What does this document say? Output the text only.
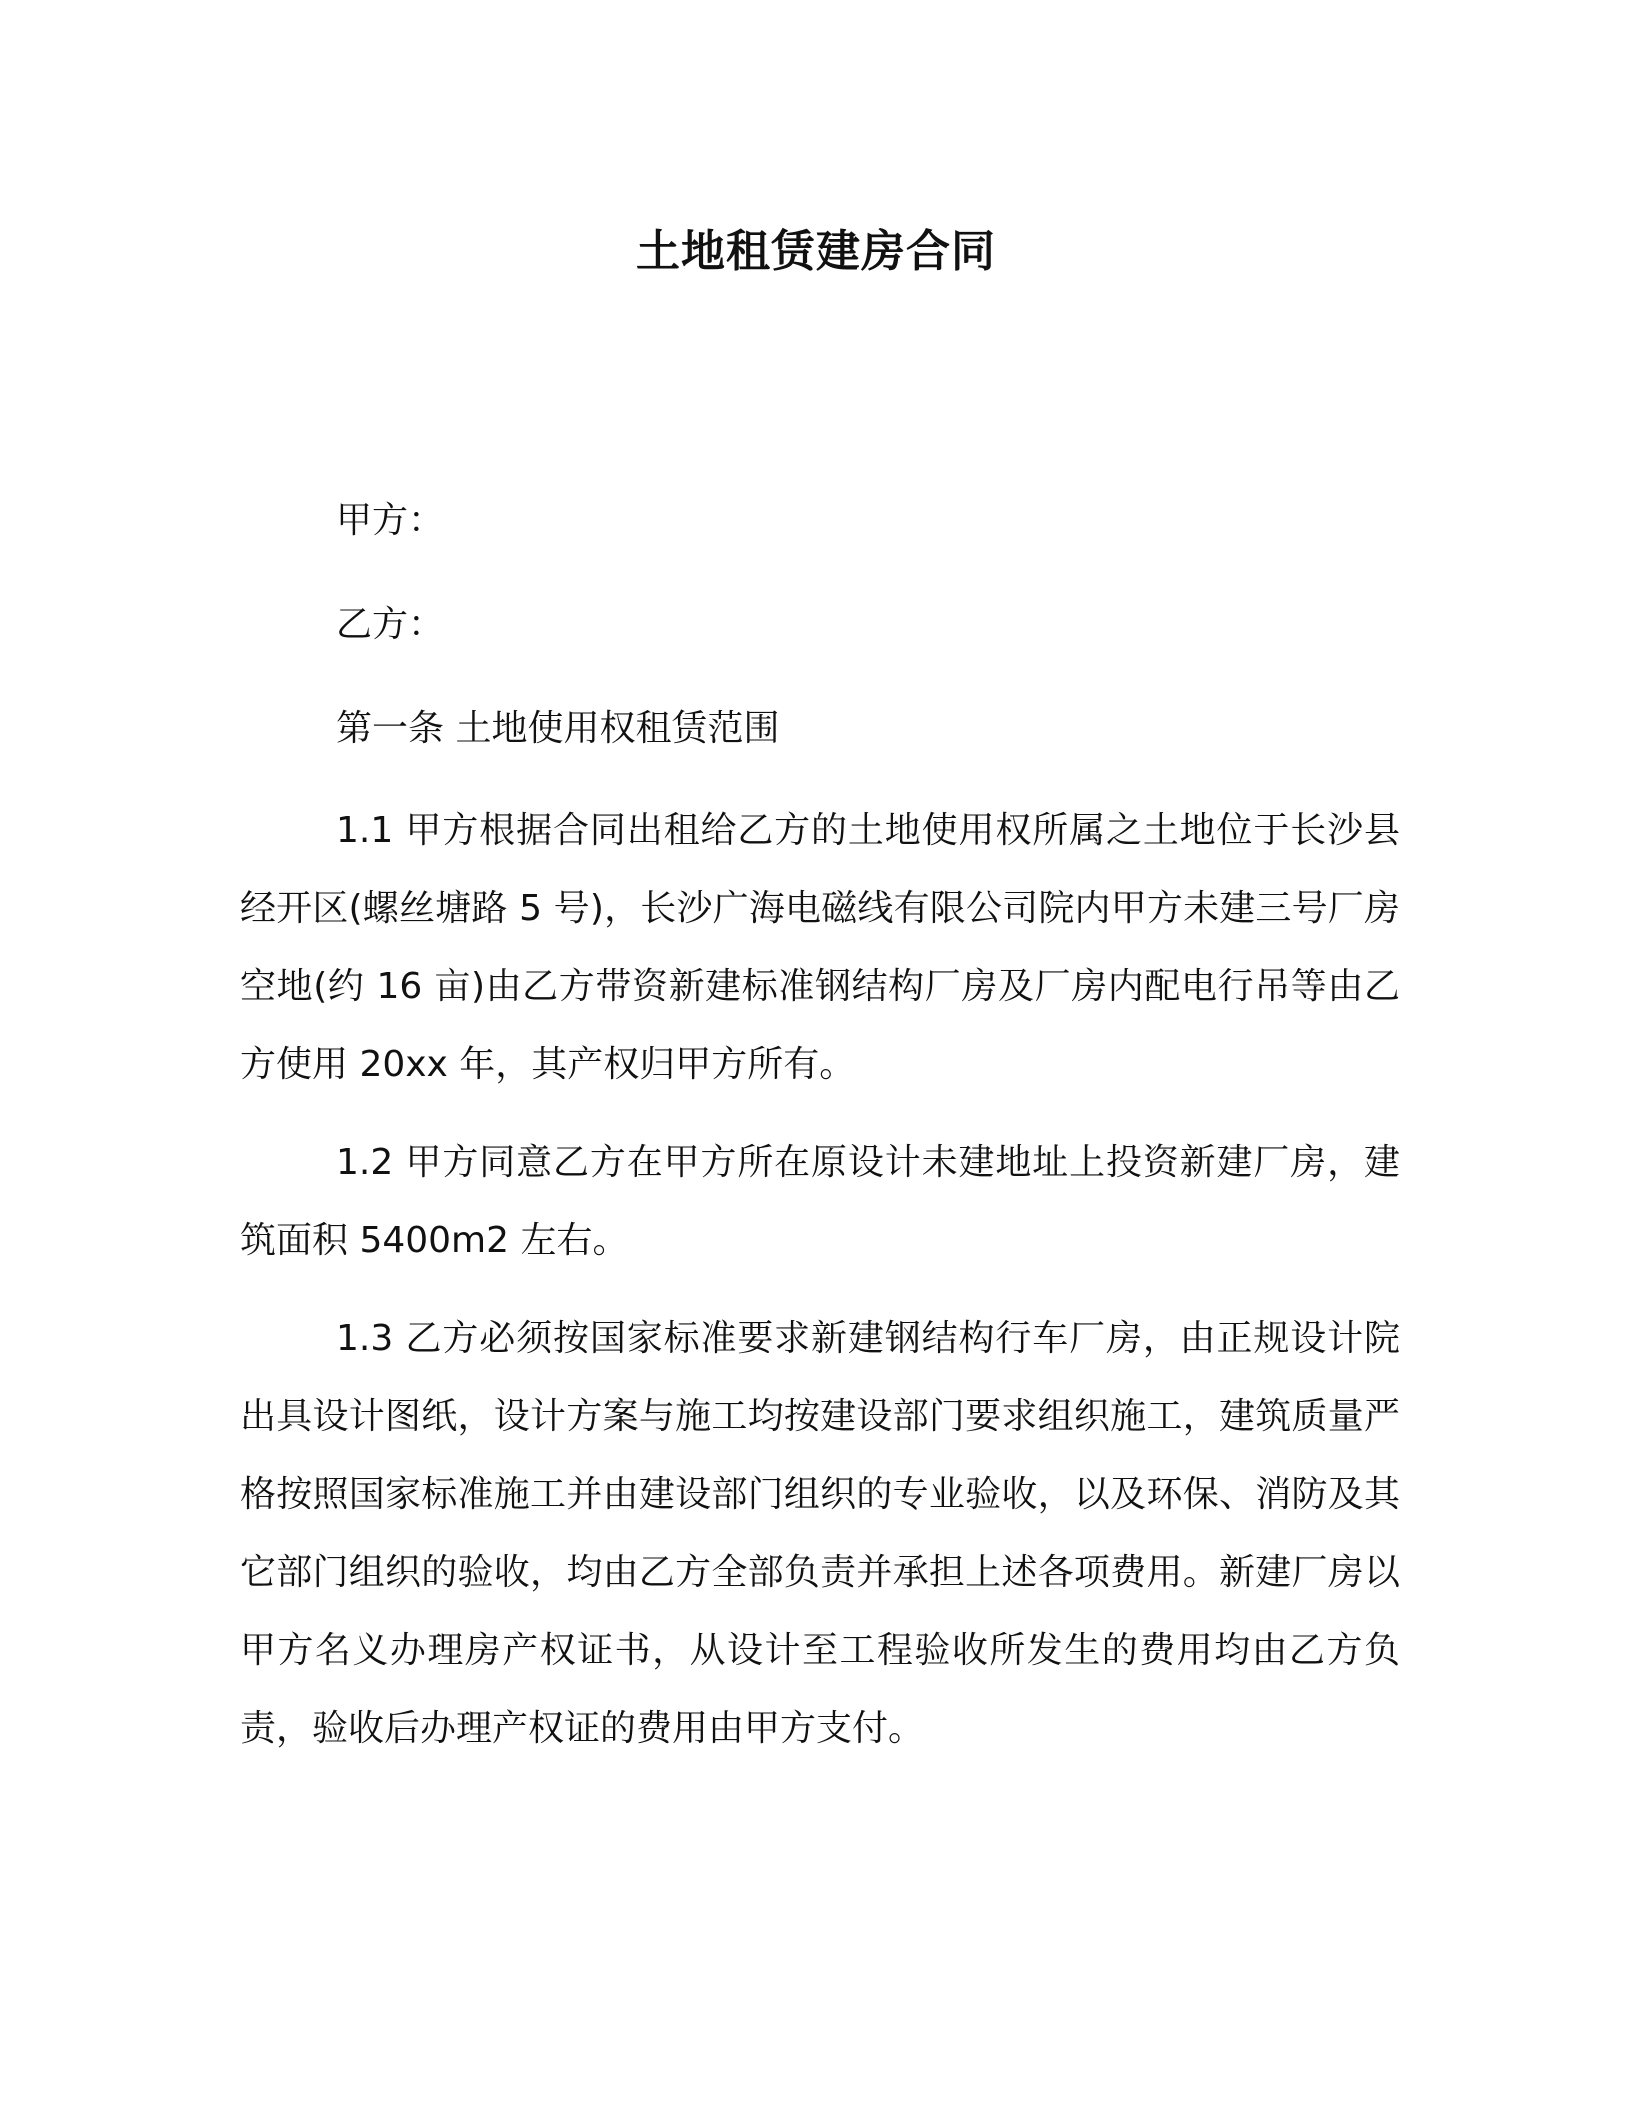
土地租赁建房合同
甲方：
乙方：
第一条 土地使用权租赁范围

1.1 甲方根据合同出租给乙方的土地使用权所属之土地位于长沙县经开区(螺丝塘路 5 号)，长沙广海电磁线有限公司院内甲方未建三号厂房空地(约 16 亩)由乙方带资新建标准钢结构厂房及厂房内配电行吊等由乙方使用 20xx 年，其产权归甲方所有。

1.2 甲方同意乙方在甲方所在原设计未建地址上投资新建厂房，建筑面积 5400m2 左右。

1.3 乙方必须按国家标准要求新建钢结构行车厂房，由正规设计院出具设计图纸，设计方案与施工均按建设部门要求组织施工，建筑质量严格按照国家标准施工并由建设部门组织的专业验收，以及环保、消防及其它部门组织的验收，均由乙方全部负责并承担上述各项费用。新建厂房以甲方名义办理房产权证书，从设计至工程验收所发生的费用均由乙方负责，验收后办理产权证的费用由甲方支付。
